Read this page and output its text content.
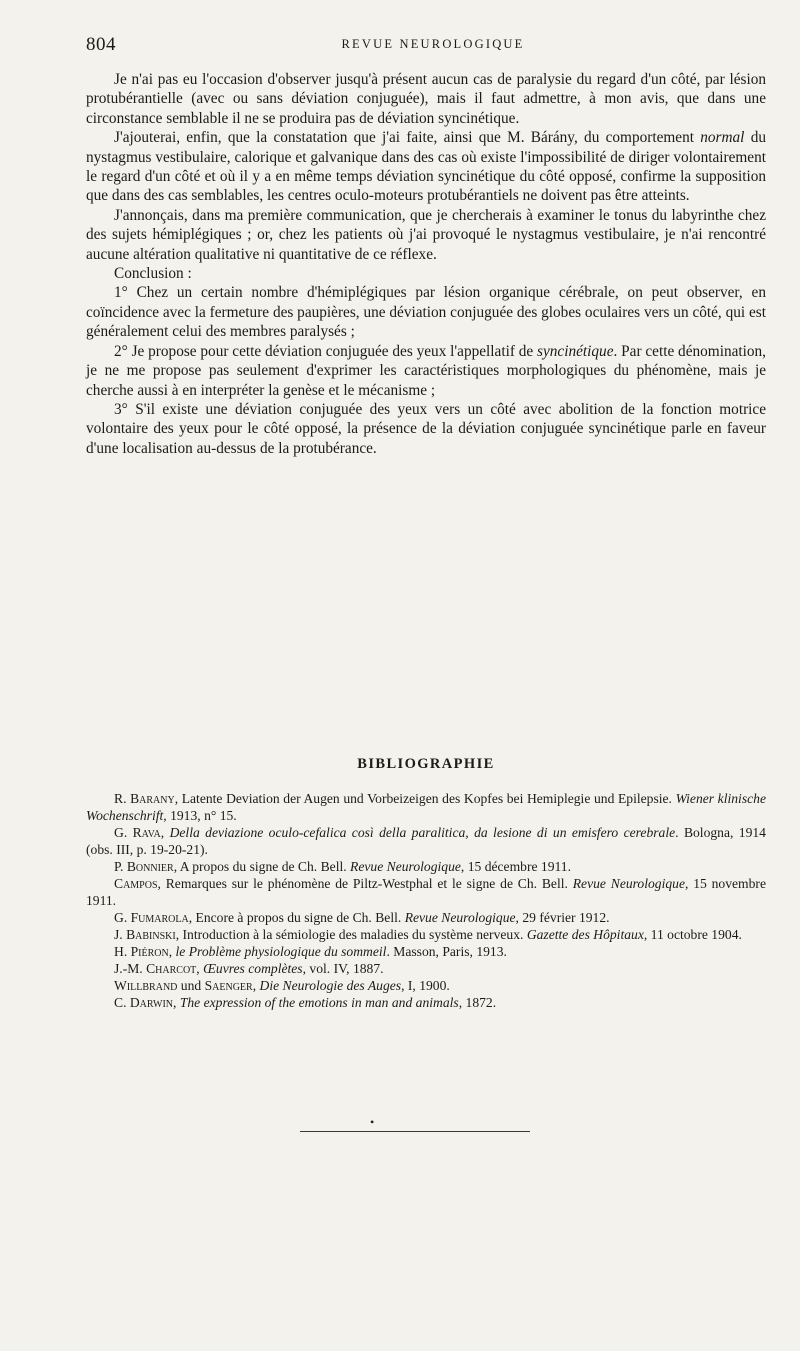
804	REVUE NEUROLOGIQUE

Je n'ai pas eu l'occasion d'observer jusqu'à présent aucun cas de paralysie du regard d'un côté, par lésion protubérantielle (avec ou sans déviation conjuguée), mais il faut admettre, à mon avis, que dans une circonstance semblable il ne se produira pas de déviation syncinétique.

J'ajouterai, enfin, que la constatation que j'ai faite, ainsi que M. Bárány, du comportement normal du nystagmus vestibulaire, calorique et galvanique dans des cas où existe l'impossibilité de diriger volontairement le regard d'un côté et où il y a en même temps déviation syncinétique du côté opposé, confirme la supposition que dans des cas semblables, les centres oculo-moteurs protubérantiels ne doivent pas être atteints.

J'annonçais, dans ma première communication, que je chercherais à examiner le tonus du labyrinthe chez des sujets hémiplégiques ; or, chez les patients où j'ai provoqué le nystagmus vestibulaire, je n'ai rencontré aucune altération qualitative ni quantitative de ce réflexe.

Conclusion :

1° Chez un certain nombre d'hémiplégiques par lésion organique cérébrale, on peut observer, en coïncidence avec la fermeture des paupières, une déviation conjuguée des globes oculaires vers un côté, qui est généralement celui des membres paralysés ;

2° Je propose pour cette déviation conjuguée des yeux l'appellatif de syncinétique. Par cette dénomination, je ne me propose pas seulement d'exprimer les caractéristiques morphologiques du phénomène, mais je cherche aussi à en interpréter la genèse et le mécanisme ;

3° S'il existe une déviation conjuguée des yeux vers un côté avec abolition de la fonction motrice volontaire des yeux pour le côté opposé, la présence de la déviation conjuguée syncinétique parle en faveur d'une localisation au-dessus de la protubérance.

BIBLIOGRAPHIE

R. Barany, Latente Deviation der Augen und Vorbeizeigen des Kopfes bei Hemiplegie und Epilepsie. Wiener klinische Wochenschrift, 1913, n° 15.

G. Rava, Della deviazione oculo-cefalica così della paralitica, da lesione di un emisfero cerebrale. Bologna, 1914 (obs. III, p. 19-20-21).

P. Bonnier, A propos du signe de Ch. Bell. Revue Neurologique, 15 décembre 1911.

Campos, Remarques sur le phénomène de Piltz-Westphal et le signe de Ch. Bell. Revue Neurologique, 15 novembre 1911.

G. Fumarola, Encore à propos du signe de Ch. Bell. Revue Neurologique, 29 février 1912.

J. Babinski, Introduction à la sémiologie des maladies du système nerveux. Gazette des Hôpitaux, 11 octobre 1904.

H. Piéron, le Problème physiologique du sommeil. Masson, Paris, 1913.

J.-M. Charcot, Œuvres complètes, vol. IV, 1887.

Willbrand und Saenger, Die Neurologie des Auges, I, 1900.

C. Darwin, The expression of the emotions in man and animals, 1872.

•
